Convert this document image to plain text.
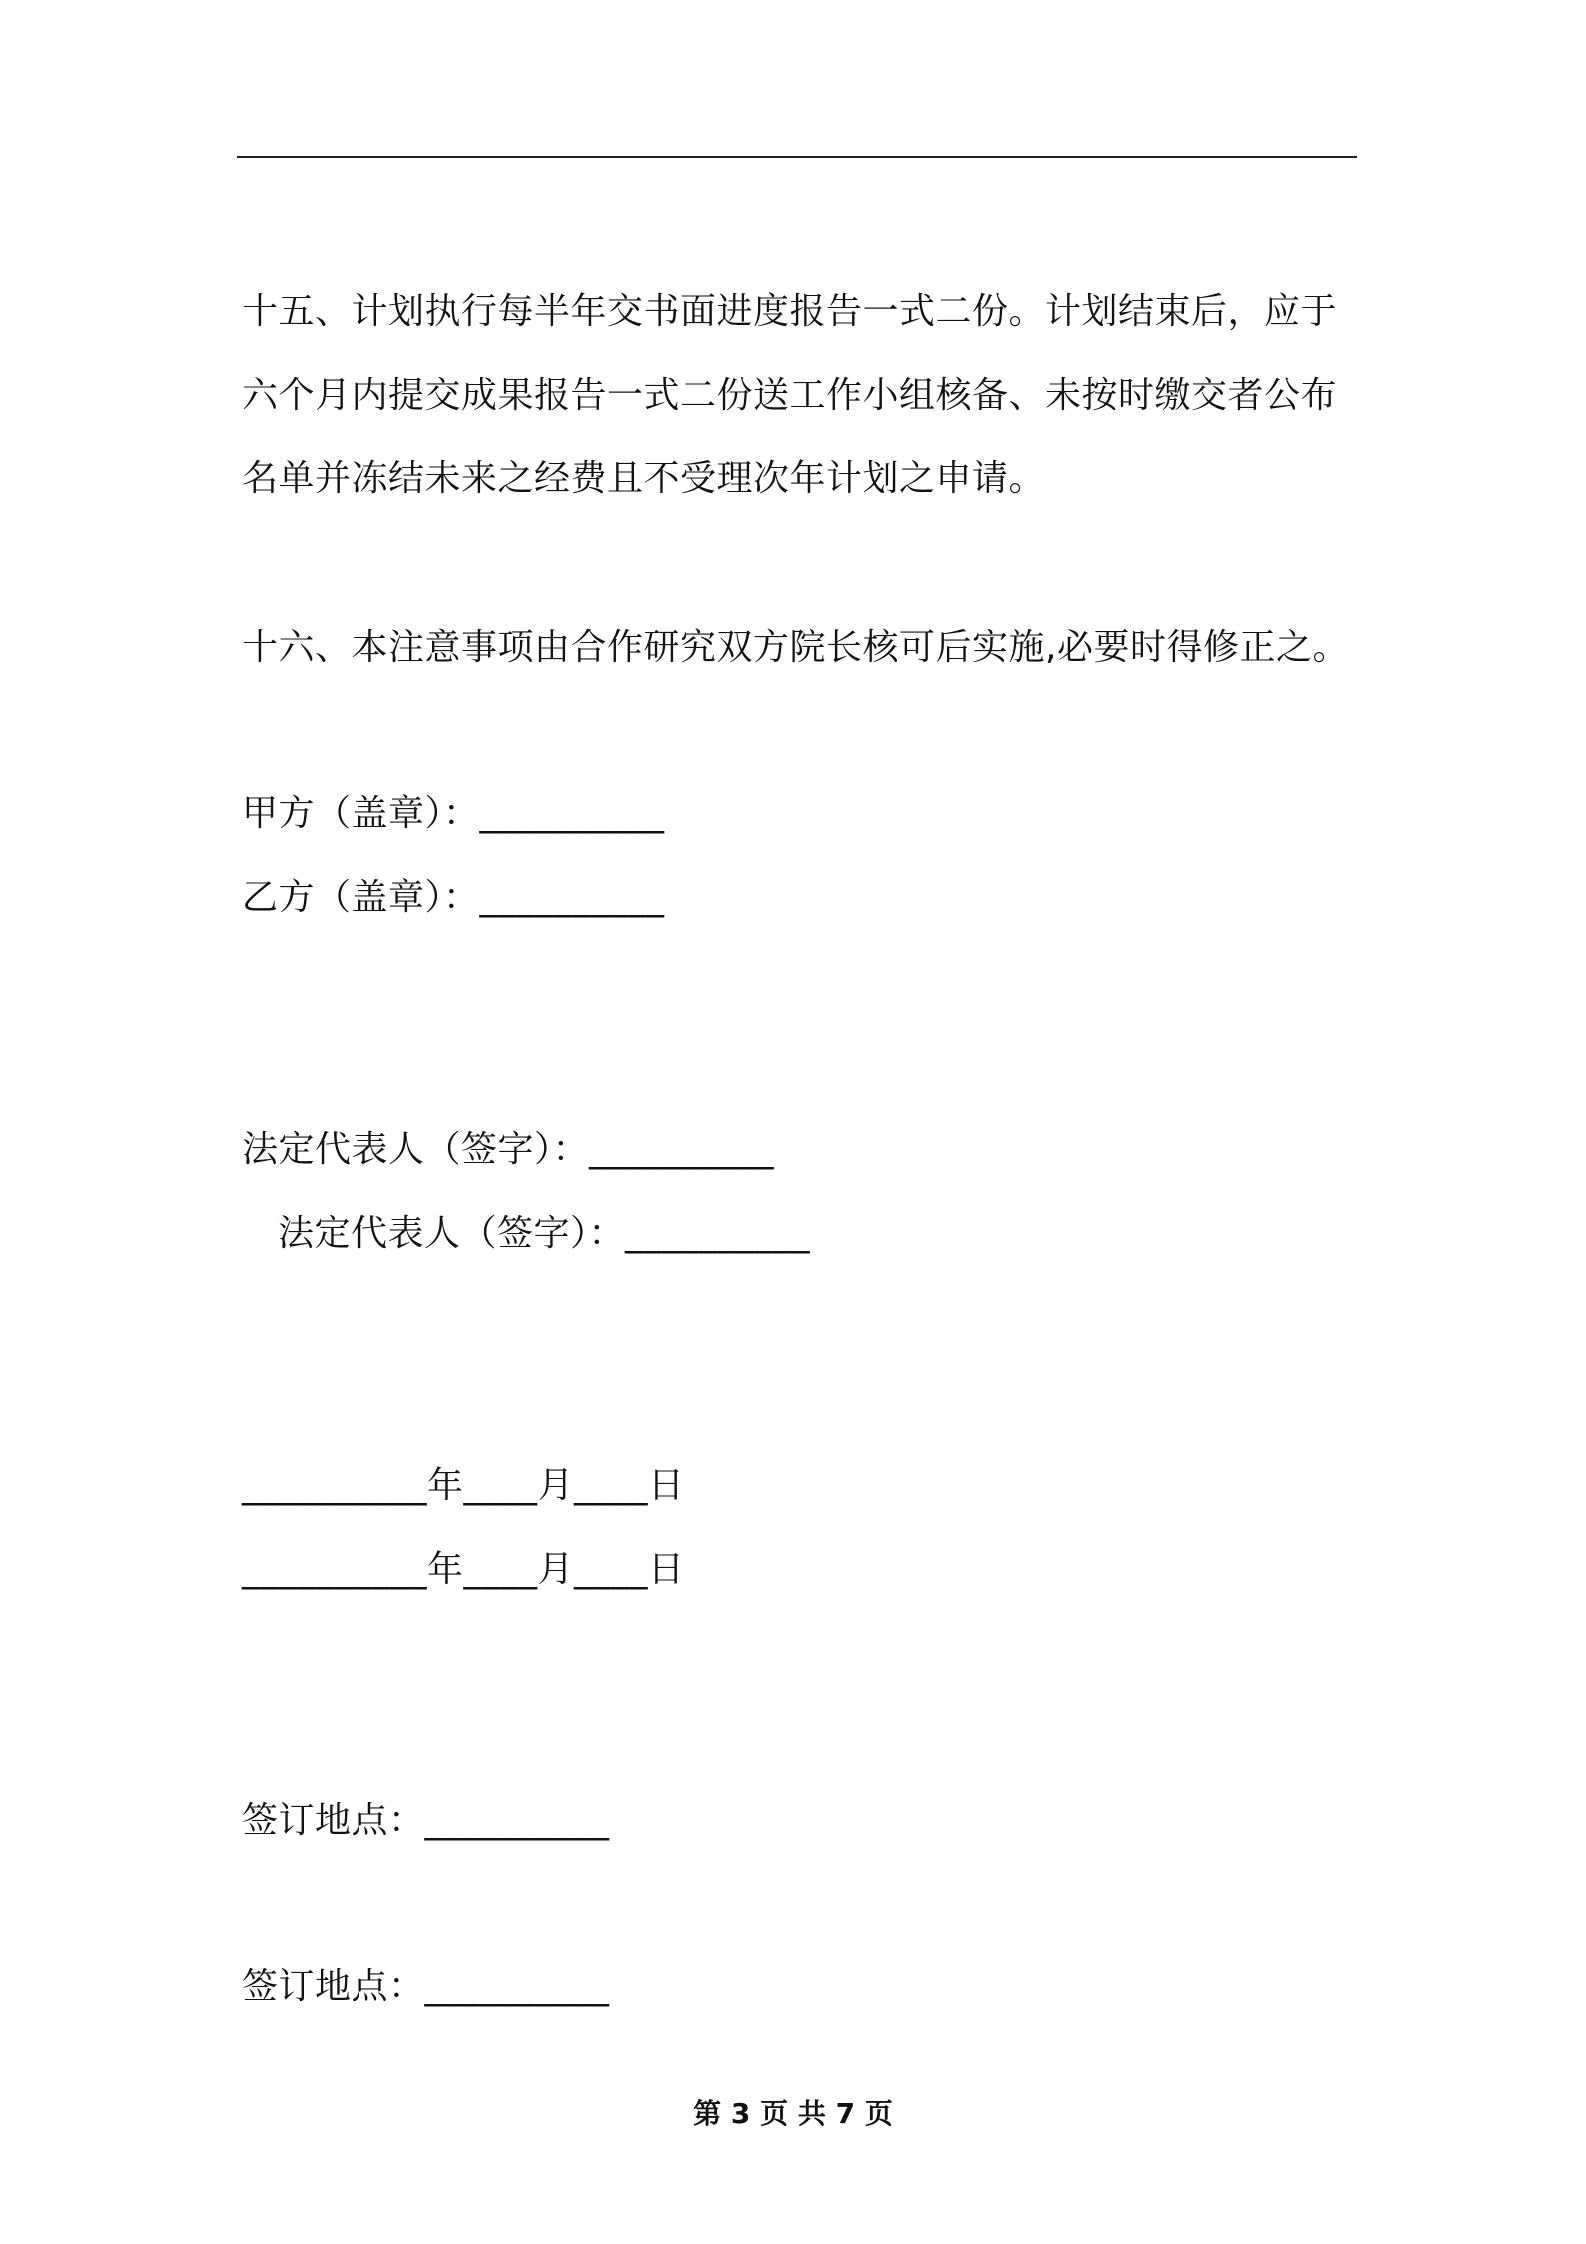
十五、计划执行每半年交书面进度报告一式二份。计划结束后，应于
六个月内提交成果报告一式二份送工作小组核备、未按时缴交者公布
名单并冻结未来之经费且不受理次年计划之申请。
十六、本注意事项由合作研究双方院长核可后实施,必要时得修正之。
甲方（盖章）：__________
乙方（盖章）：__________
法定代表人（签字）：__________
法定代表人（签字）：__________
__________年____月____日
__________年____月____日
签订地点：__________
签订地点：__________
第 3 页 共 7 页
